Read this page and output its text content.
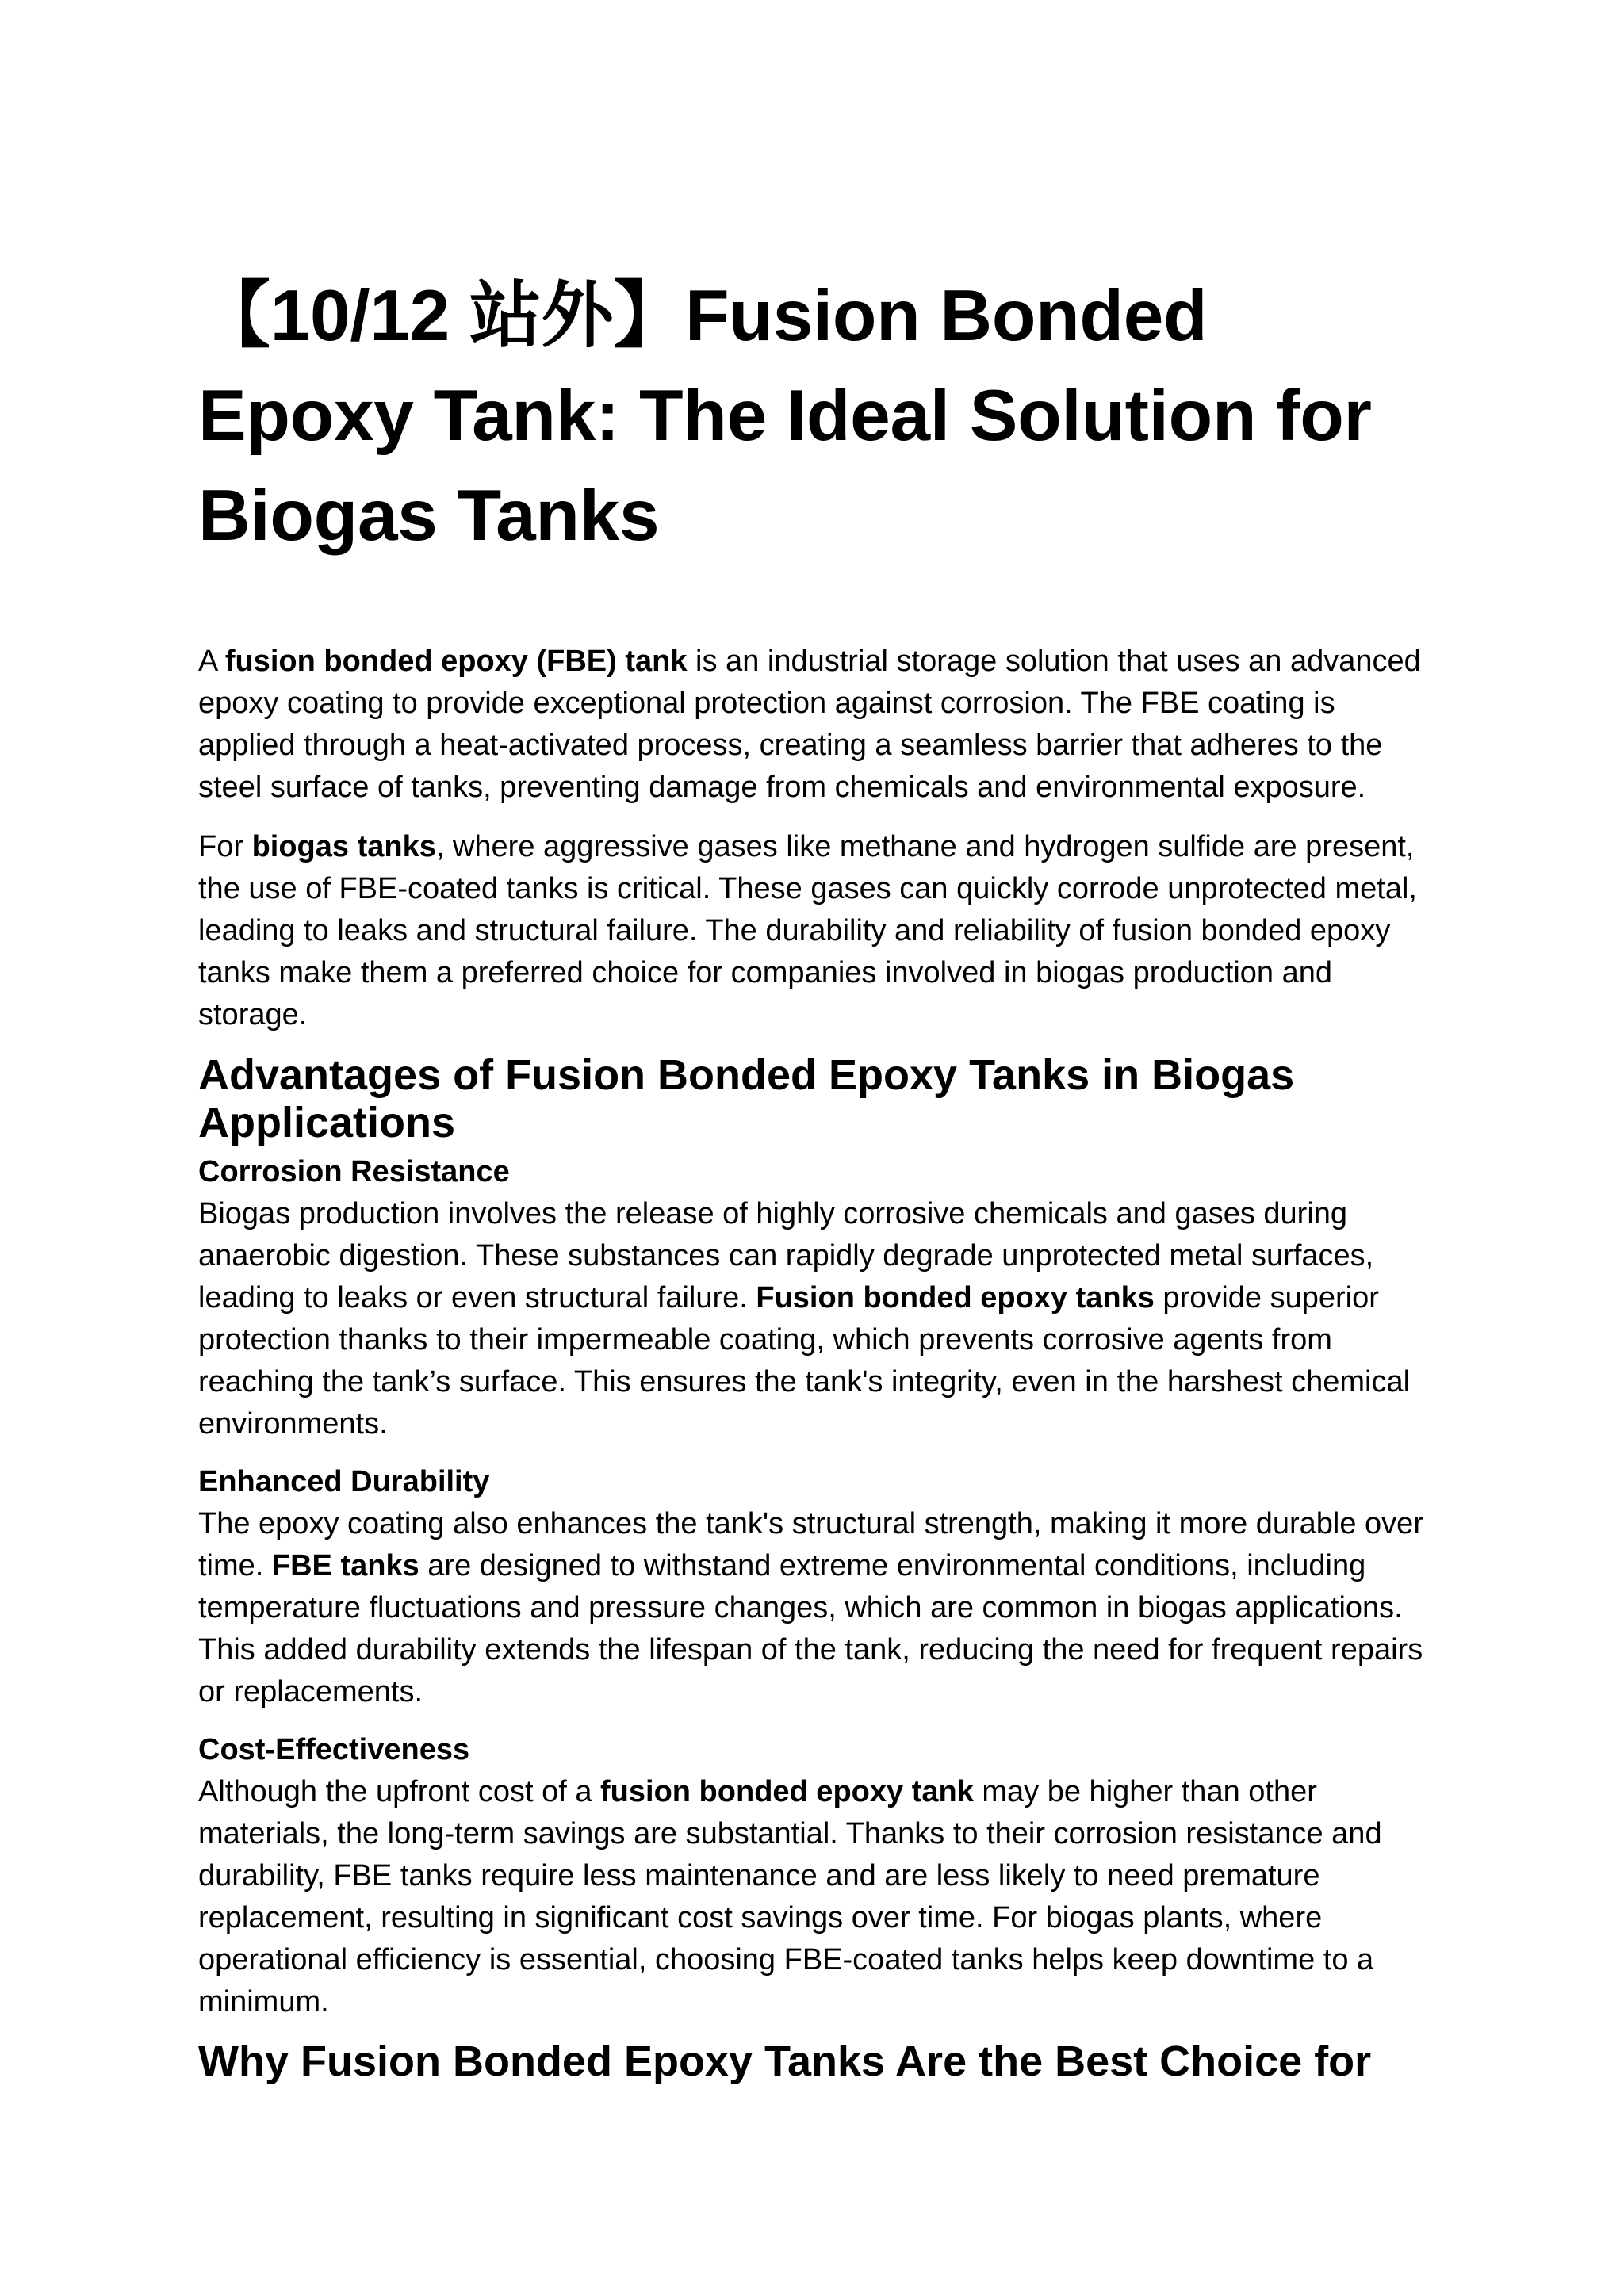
【10/12 站外】Fusion Bonded Epoxy Tank: The Ideal Solution for Biogas Tanks

A fusion bonded epoxy (FBE) tank is an industrial storage solution that uses an advanced epoxy coating to provide exceptional protection against corrosion. The FBE coating is applied through a heat-activated process, creating a seamless barrier that adheres to the steel surface of tanks, preventing damage from chemicals and environmental exposure.

For biogas tanks, where aggressive gases like methane and hydrogen sulfide are present, the use of FBE-coated tanks is critical. These gases can quickly corrode unprotected metal, leading to leaks and structural failure. The durability and reliability of fusion bonded epoxy tanks make them a preferred choice for companies involved in biogas production and storage.

Advantages of Fusion Bonded Epoxy Tanks in Biogas Applications
Corrosion Resistance

Biogas production involves the release of highly corrosive chemicals and gases during anaerobic digestion. These substances can rapidly degrade unprotected metal surfaces, leading to leaks or even structural failure. Fusion bonded epoxy tanks provide superior protection thanks to their impermeable coating, which prevents corrosive agents from reaching the tank’s surface. This ensures the tank's integrity, even in the harshest chemical environments.

Enhanced Durability

The epoxy coating also enhances the tank's structural strength, making it more durable over time. FBE tanks are designed to withstand extreme environmental conditions, including temperature fluctuations and pressure changes, which are common in biogas applications. This added durability extends the lifespan of the tank, reducing the need for frequent repairs or replacements.

Cost-Effectiveness

Although the upfront cost of a fusion bonded epoxy tank may be higher than other materials, the long-term savings are substantial. Thanks to their corrosion resistance and durability, FBE tanks require less maintenance and are less likely to need premature replacement, resulting in significant cost savings over time. For biogas plants, where operational efficiency is essential, choosing FBE-coated tanks helps keep downtime to a minimum.

Why Fusion Bonded Epoxy Tanks Are the Best Choice for
